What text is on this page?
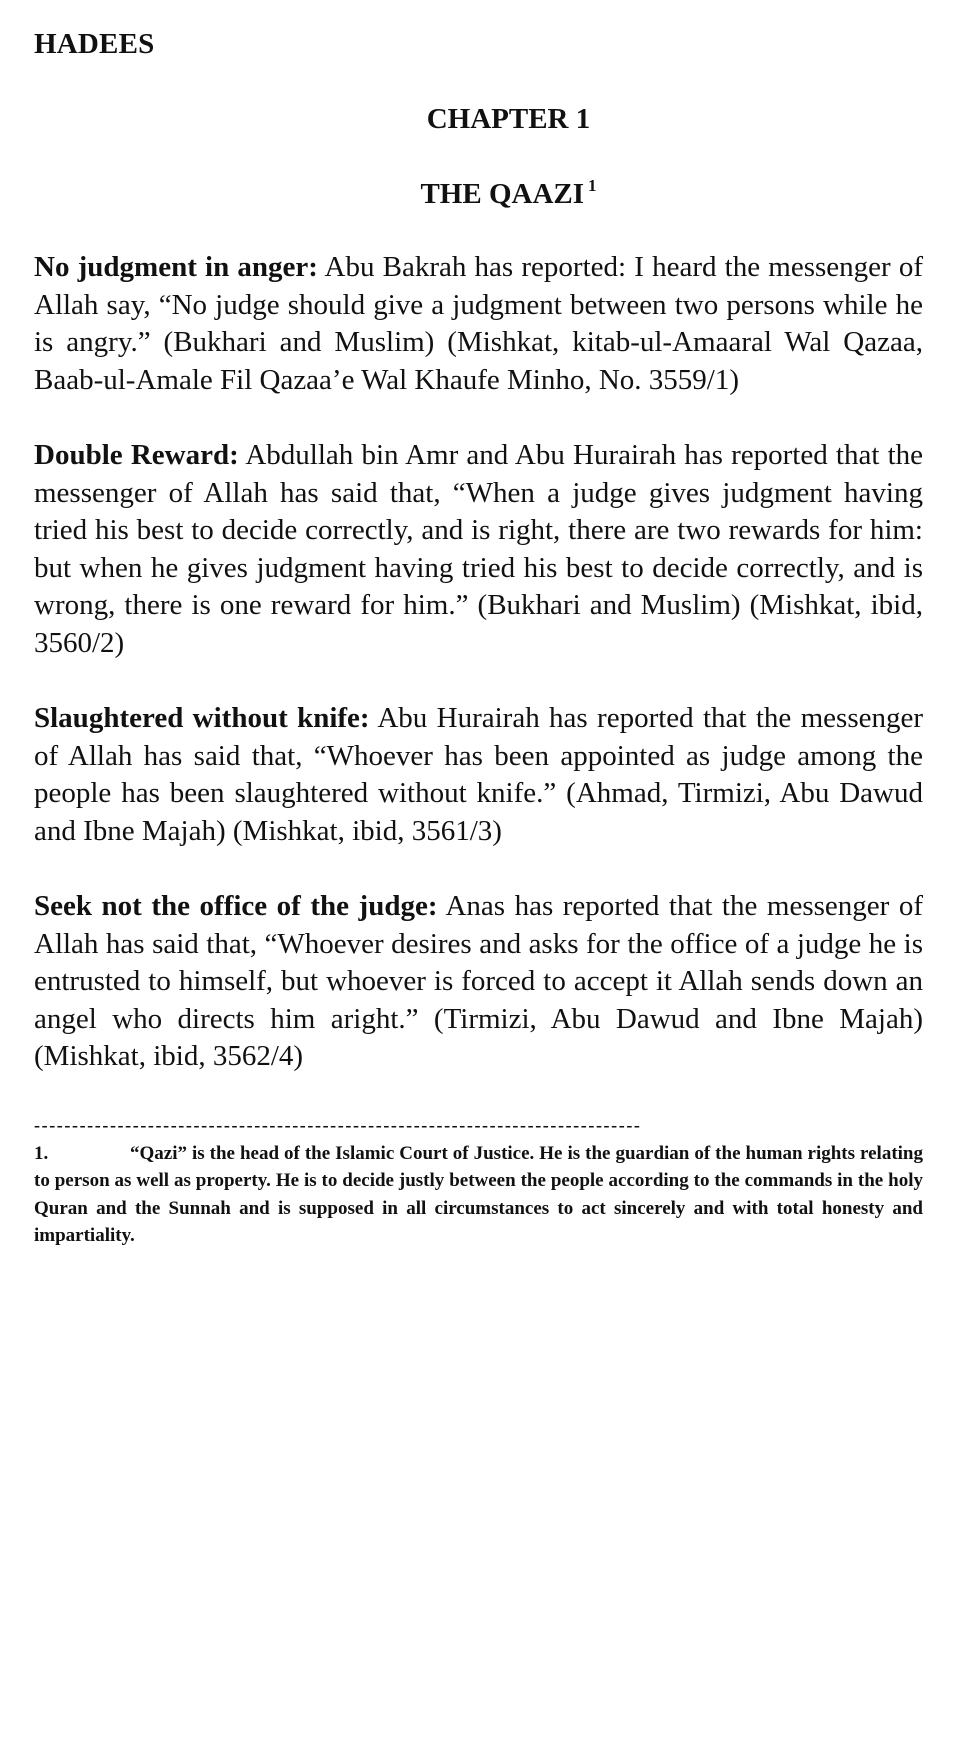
HADEES
CHAPTER 1
THE QAAZI $^1$

No judgment in anger: Abu Bakrah has reported: I heard the messenger of Allah say, “No judge should give a judgment between two persons while he is angry.” (Bukhari and Muslim) (Mishkat, kitab-ul-Amaaral Wal Qazaa, Baab-ul-Amale Fil Qazaa’e Wal Khaufe Minho, No. 3559/1)

Double Reward: Abdullah bin Amr and Abu Hurairah has reported that the messenger of Allah has said that, “When a judge gives judgment having tried his best to decide correctly, and is right, there are two rewards for him: but when he gives judgment having tried his best to decide correctly, and is wrong, there is one reward for him.” (Bukhari and Muslim) (Mishkat, ibid, 3560/2)

Slaughtered without knife: Abu Hurairah has reported that the messenger of Allah has said that, “Whoever has been appointed as judge among the people has been slaughtered without knife.” (Ahmad, Tirmizi, Abu Dawud and Ibne Majah) (Mishkat, ibid, 3561/3)

Seek not the office of the judge: Anas has reported that the messenger of Allah has said that, “Whoever desires and asks for the office of a judge he is entrusted to himself, but whoever is forced to accept it Allah sends down an angel who directs him aright.” (Tirmizi, Abu Dawud and Ibne Majah) (Mishkat, ibid, 3562/4)

--------------------------------------------------------------------------------

1.	“Qazi” is the head of the Islamic Court of Justice. He is the guardian of the human rights relating to person as well as property. He is to decide justly between the people according to the commands in the holy Quran and the Sunnah and is supposed in all circumstances to act sincerely and with total honesty and impartiality.
